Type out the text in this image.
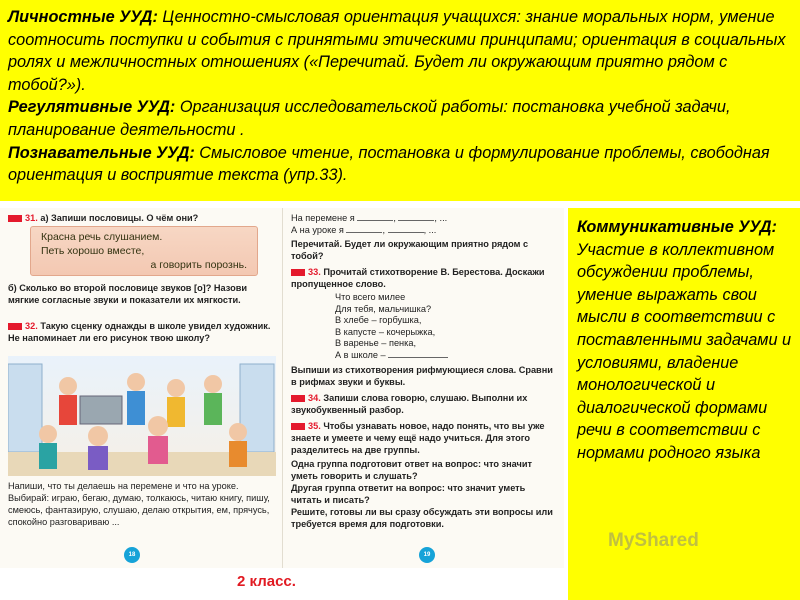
Личностные УУД: Ценностно-смысловая ориентация учащихся: знание моральных норм, умение соотносить поступки и события с принятыми этическими принципами; ориентация в социальных ролях и межличностных отношениях («Перечитай. Будет ли окружающим приятно рядом с тобой?»).
Регулятивные УУД: Организация исследовательской работы: постановка учебной задачи, планирование деятельности .
Познавательные УУД: Смысловое чтение, постановка и формулирование проблемы, свободная ориентация и восприятие текста (упр.33).
31. а) Запиши пословицы. О чём они?
Красна речь слушанием.
Петь хорошо вместе,
а говорить порознь.
б) Сколько во второй пословице звуков [о]? Назови мягкие согласные звуки и показатели их мягкости.
32. Такую сценку однажды в школе увидел художник. Не напоминает ли его рисунок твою школу?
Напиши, что ты делаешь на перемене и что на уроке. Выбирай: играю, бегаю, думаю, толкаюсь, читаю книгу, пишу, смеюсь, фантазирую, слушаю, делаю открытия, ем, прячусь, спокойно разговариваю ...
18
На перемене я	,	, ...
А на уроке я	,	, ...
Перечитай. Будет ли окружающим приятно рядом с тобой?
33. Прочитай стихотворение В. Берестова. Доскажи пропущенное слово.
Что всего милее
Для тебя, мальчишка?
В хлебе – горбушка,
В капусте – кочерыжка,
В варенье – пенка,
А в школе –
Выпиши из стихотворения рифмующиеся слова. Сравни в рифмах звуки и буквы.
34. Запиши слова говорю, слушаю. Выполни их звукобуквенный разбор.
35. Чтобы узнавать новое, надо понять, что вы уже знаете и умеете и чему ещё надо учиться. Для этого разделитесь на две группы.
Одна группа подготовит ответ на вопрос: что значит уметь говорить и слушать?
Другая группа ответит на вопрос: что значит уметь читать и писать?
Решите, готовы ли вы сразу обсуждать эти вопросы или требуется время для подготовки.
19
2 класс.
Коммуникативные УУД: Участие в коллективном обсуждении проблемы, умение выражать свои мысли в соответствии с поставленными задачами и условиями, владение монологической и диалогической формами речи в соответствии с нормами родного языка
MyShared
